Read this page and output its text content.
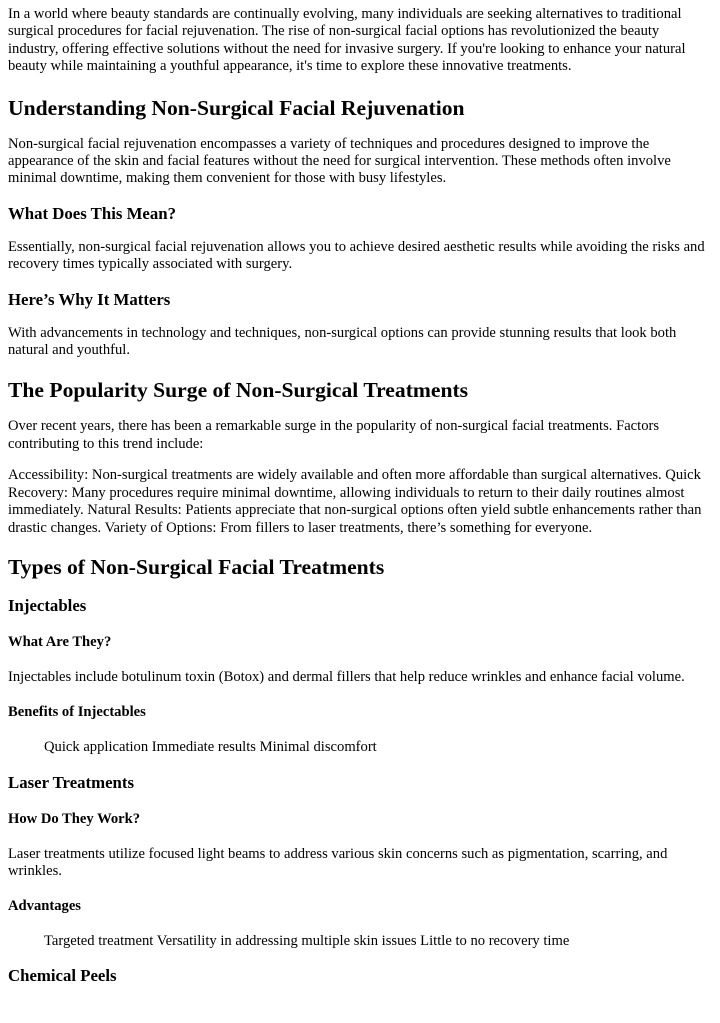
In a world where beauty standards are continually evolving, many individuals are seeking alternatives to traditional surgical procedures for facial rejuvenation. The rise of non-surgical facial options has revolutionized the beauty industry, offering effective solutions without the need for invasive surgery. If you're looking to enhance your natural beauty while maintaining a youthful appearance, it's time to explore these innovative treatments.

Understanding Non-Surgical Facial Rejuvenation

Non-surgical facial rejuvenation encompasses a variety of techniques and procedures designed to improve the appearance of the skin and facial features without the need for surgical intervention. These methods often involve minimal downtime, making them convenient for those with busy lifestyles.

What Does This Mean?

Essentially, non-surgical facial rejuvenation allows you to achieve desired aesthetic results while avoiding the risks and recovery times typically associated with surgery.

Here’s Why It Matters

With advancements in technology and techniques, non-surgical options can provide stunning results that look both natural and youthful.

The Popularity Surge of Non-Surgical Treatments

Over recent years, there has been a remarkable surge in the popularity of non-surgical facial treatments. Factors contributing to this trend include:

Accessibility: Non-surgical treatments are widely available and often more affordable than surgical alternatives. Quick Recovery: Many procedures require minimal downtime, allowing individuals to return to their daily routines almost immediately. Natural Results: Patients appreciate that non-surgical options often yield subtle enhancements rather than drastic changes. Variety of Options: From fillers to laser treatments, there’s something for everyone.

Types of Non-Surgical Facial Treatments
Injectables
What Are They?

Injectables include botulinum toxin (Botox) and dermal fillers that help reduce wrinkles and enhance facial volume.

Benefits of Injectables

Quick application Immediate results Minimal discomfort

Laser Treatments
How Do They Work?

Laser treatments utilize focused light beams to address various skin concerns such as pigmentation, scarring, and wrinkles.

Advantages

Targeted treatment Versatility in addressing multiple skin issues Little to no recovery time

Chemical Peels
